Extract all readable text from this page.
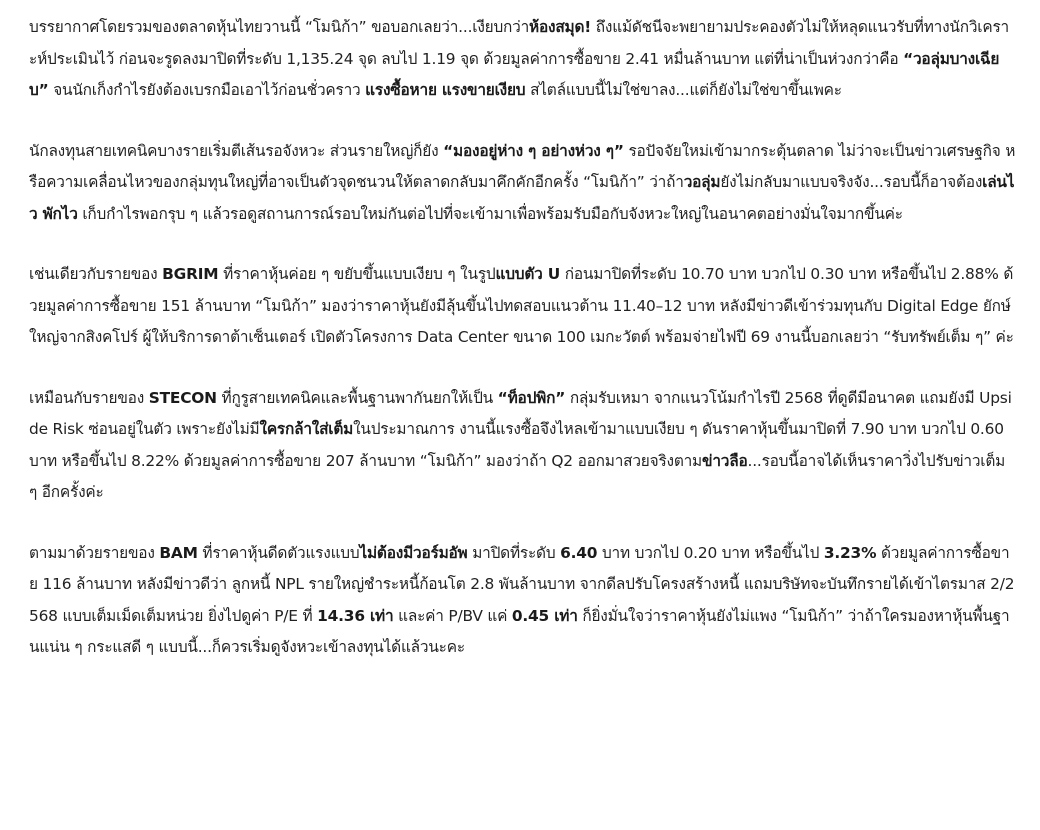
บรรยากาศโดยรวมของตลาดหุ้นไทยวานนี้ “โมนิก้า” ขอบอกเลยว่า...เงียบกว่าห้องสมุด! ถึงแม้ดัชนีจะพยายามประคองตัวไม่ให้หลุดแนวรับที่ทางนักวิเคราะห์ประเมินไว้ ก่อนจะรูดลงมาปิดที่ระดับ 1,135.24 จุด ลบไป 1.19 จุด ด้วยมูลค่าการซื้อขาย 2.41 หมื่นล้านบาท แต่ที่น่าเป็นห่วงกว่าคือ “วอลุ่มบางเฉียบ” จนนักเก็งกำไรยังต้องเบรกมือเอาไว้ก่อนชั่วคราว แรงซื้อหาย แรงขายเงียบ สไตล์แบบนี้ไม่ใช่ขาลง...แต่ก็ยังไม่ใช่ขาขึ้นเพคะ

นักลงทุนสายเทคนิคบางรายเริ่มตีเส้นรอจังหวะ ส่วนรายใหญ่ก็ยัง “มองอยู่ห่าง ๆ อย่างห่วง ๆ” รอปัจจัยใหม่เข้ามากระตุ้นตลาด ไม่ว่าจะเป็นข่าวเศรษฐกิจ หรือความเคลื่อนไหวของกลุ่มทุนใหญ่ที่อาจเป็นตัวจุดชนวนให้ตลาดกลับมาคึกคักอีกครั้ง “โมนิก้า” ว่าถ้าวอลุ่มยังไม่กลับมาแบบจริงจัง...รอบนี้ก็อาจต้องเล่นไว พักไว เก็บกำไรพอกรุบ ๆ แล้วรอดูสถานการณ์รอบใหม่กันต่อไปที่จะเข้ามาเพื่อพร้อมรับมือกับจังหวะใหญ่ในอนาคตอย่างมั่นใจมากขึ้นค่ะ

เช่นเดียวกับรายของ BGRIM ที่ราคาหุ้นค่อย ๆ ขยับขึ้นแบบเงียบ ๆ ในรูปแบบตัว U ก่อนมาปิดที่ระดับ 10.70 บาท บวกไป 0.30 บาท หรือขึ้นไป 2.88% ด้วยมูลค่าการซื้อขาย 151 ล้านบาท “โมนิก้า” มองว่าราคาหุ้นยังมีลุ้นขึ้นไปทดสอบแนวต้าน 11.40–12 บาท หลังมีข่าวดีเข้าร่วมทุนกับ Digital Edge ยักษ์ใหญ่จากสิงคโปร์ ผู้ให้บริการดาต้าเซ็นเตอร์ เปิดตัวโครงการ Data Center ขนาด 100 เมกะวัตต์ พร้อมจ่ายไฟปี 69 งานนี้บอกเลยว่า “รับทรัพย์เต็ม ๆ” ค่ะ

เหมือนกับรายของ STECON ที่กูรูสายเทคนิคและพื้นฐานพากันยกให้เป็น “ท็อปพิก” กลุ่มรับเหมา จากแนวโน้มกำไรปี 2568 ที่ดูดีมีอนาคต แถมยังมี Upside Risk ซ่อนอยู่ในตัว เพราะยังไม่มีใครกล้าใส่เต็มในประมาณการ งานนี้แรงซื้อจึงไหลเข้ามาแบบเงียบ ๆ ดันราคาหุ้นขึ้นมาปิดที่ 7.90 บาท บวกไป 0.60 บาท หรือขึ้นไป 8.22% ด้วยมูลค่าการซื้อขาย 207 ล้านบาท “โมนิก้า” มองว่าถ้า Q2 ออกมาสวยจริงตามข่าวลือ...รอบนี้อาจได้เห็นราคาวิ่งไปรับข่าวเต็ม ๆ อีกครั้งค่ะ

ตามมาด้วยรายของ BAM ที่ราคาหุ้นดีดตัวแรงแบบไม่ต้องมีวอร์มอัพ มาปิดที่ระดับ 6.40 บาท บวกไป 0.20 บาท หรือขึ้นไป 3.23% ด้วยมูลค่าการซื้อขาย 116 ล้านบาท หลังมีข่าวดีว่า ลูกหนี้ NPL รายใหญ่ชำระหนี้ก้อนโต 2.8 พันล้านบาท จากดีลปรับโครงสร้างหนี้ แถมบริษัทจะบันทึกรายได้เข้าไตรมาส 2/2568 แบบเต็มเม็ดเต็มหน่วย ยิ่งไปดูค่า P/E ที่ 14.36 เท่า และค่า P/BV แค่ 0.45 เท่า ก็ยิ่งมั่นใจว่าราคาหุ้นยังไม่แพง “โมนิก้า” ว่าถ้าใครมองหาหุ้นพื้นฐานแน่น ๆ กระแสดี ๆ แบบนี้...ก็ควรเริ่มดูจังหวะเข้าลงทุนได้แล้วนะคะ
